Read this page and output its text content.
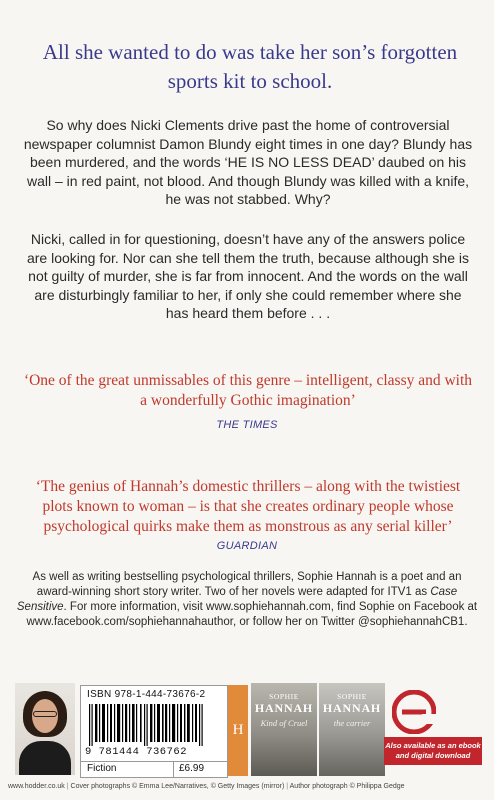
All she wanted to do was take her son’s forgotten sports kit to school.
So why does Nicki Clements drive past the home of controversial newspaper columnist Damon Blundy eight times in one day? Blundy has been murdered, and the words ‘HE IS NO LESS DEAD’ daubed on his wall – in red paint, not blood. And though Blundy was killed with a knife, he was not stabbed. Why?
Nicki, called in for questioning, doesn’t have any of the answers police are looking for. Nor can she tell them the truth, because although she is not guilty of murder, she is far from innocent. And the words on the wall are disturbingly familiar to her, if only she could remember where she has heard them before . . .
‘One of the great unmissables of this genre – intelligent, classy and with a wonderfully Gothic imagination’
THE TIMES
‘The genius of Hannah’s domestic thrillers – along with the twistiest plots known to woman – is that she creates ordinary people whose psychological quirks make them as monstrous as any serial killer’
GUARDIAN
As well as writing bestselling psychological thrillers, Sophie Hannah is a poet and an award-winning short story writer. Two of her novels were adapted for ITV1 as Case Sensitive. For more information, visit www.sophiehannah.com, find Sophie on Facebook at www.facebook.com/sophiehannahauthor, or follow her on Twitter @sophiehannahCB1.
ISBN 978-1-444-73676-2
9 781444 736762
Fiction	£6.99
H
SOPHIE
HANNAH
Kind of Cruel
SOPHIE
HANNAH
the carrier
Also available as an ebook and digital download
www.hodder.co.uk | Cover photographs © Emma Lee/Narratives, © Getty Images (mirror) | Author photograph © Philippa Gedge
